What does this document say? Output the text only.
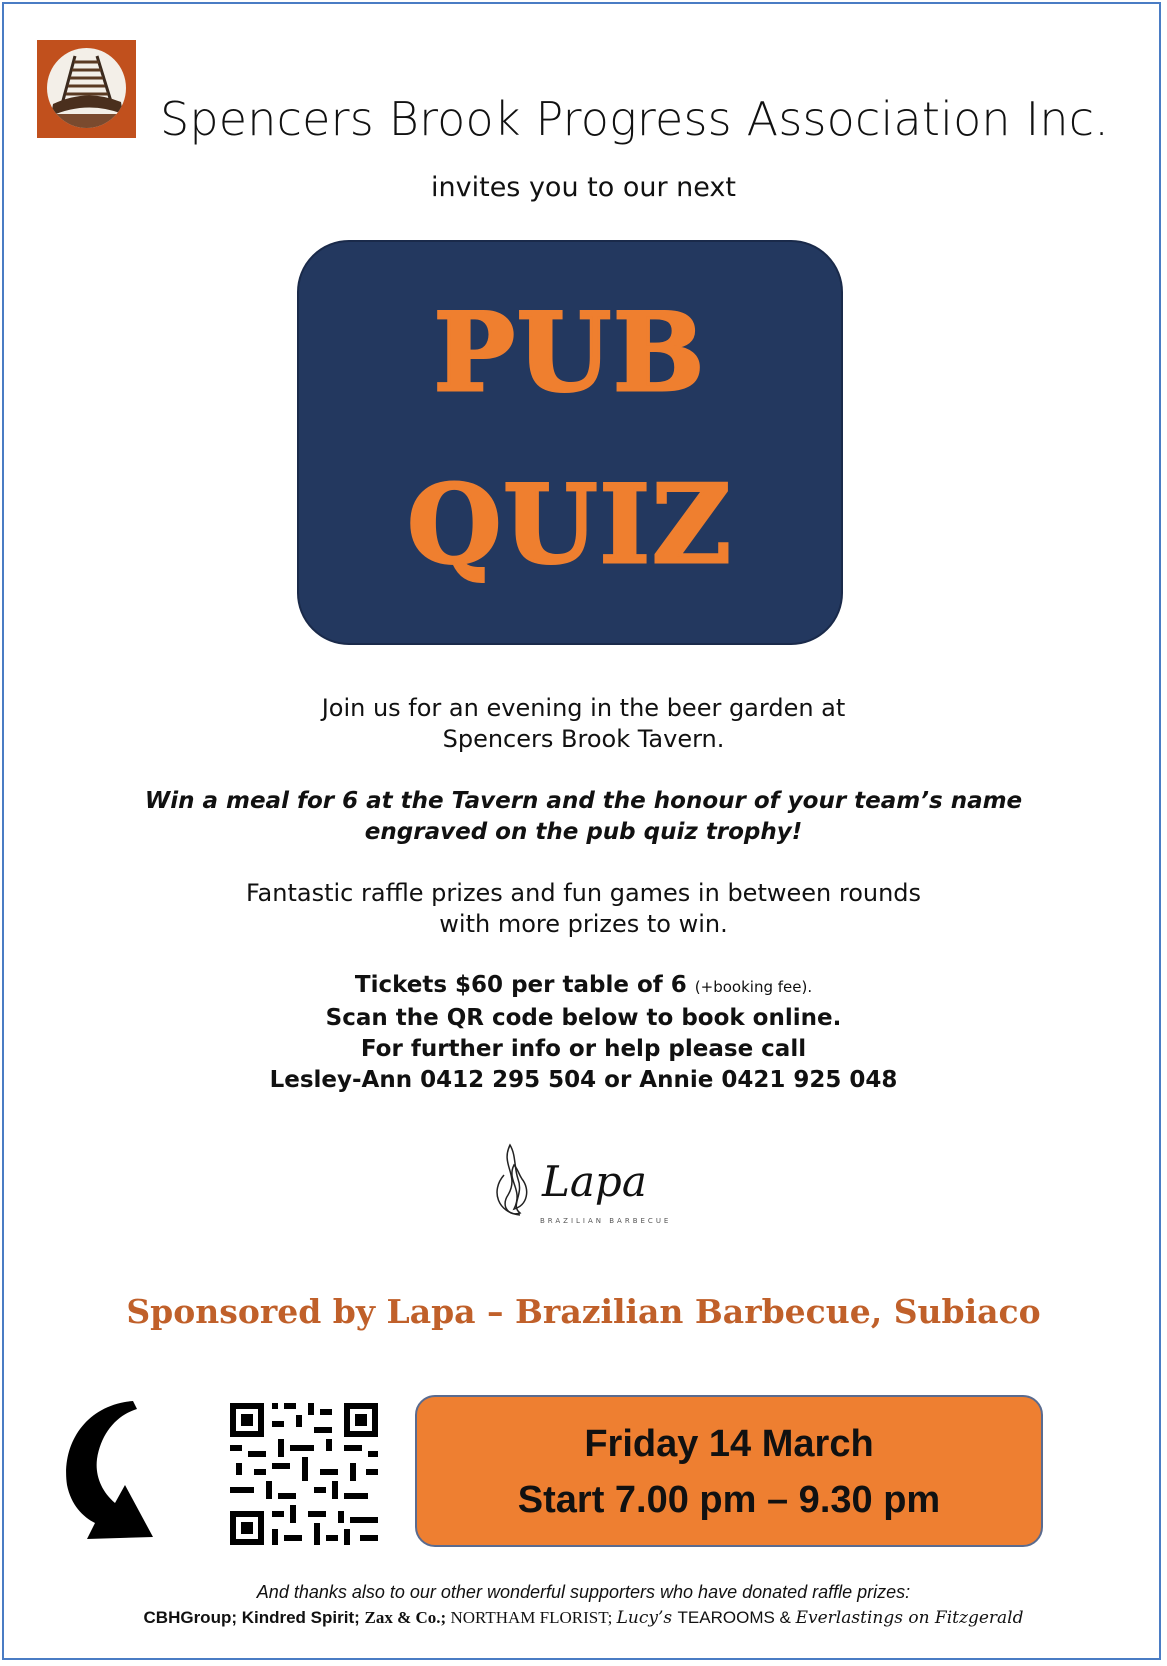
Spencers Brook Progress Association Inc.
invites you to our next
PUB
QUIZ
Join us for an evening in the beer garden at
Spencers Brook Tavern.
Win a meal for 6 at the Tavern and the honour of your team’s name
engraved on the pub quiz trophy!
Fantastic raffle prizes and fun games in between rounds
with more prizes to win.
Tickets $60 per table of 6 (+booking fee).
Scan the QR code below to book online.
For further info or help please call
Lesley-Ann 0412 295 504 or Annie 0421 925 048
Lapa
BRAZILIAN BARBECUE
Sponsored by Lapa – Brazilian Barbecue, Subiaco
Friday 14 March
Start 7.00 pm – 9.30 pm
And thanks also to our other wonderful supporters who have donated raffle prizes:
CBHGroup; Kindred Spirit; Zax & Co.; NORTHAM FLORIST; Lucy’s TEAROOMS & Everlastings on Fitzgerald
